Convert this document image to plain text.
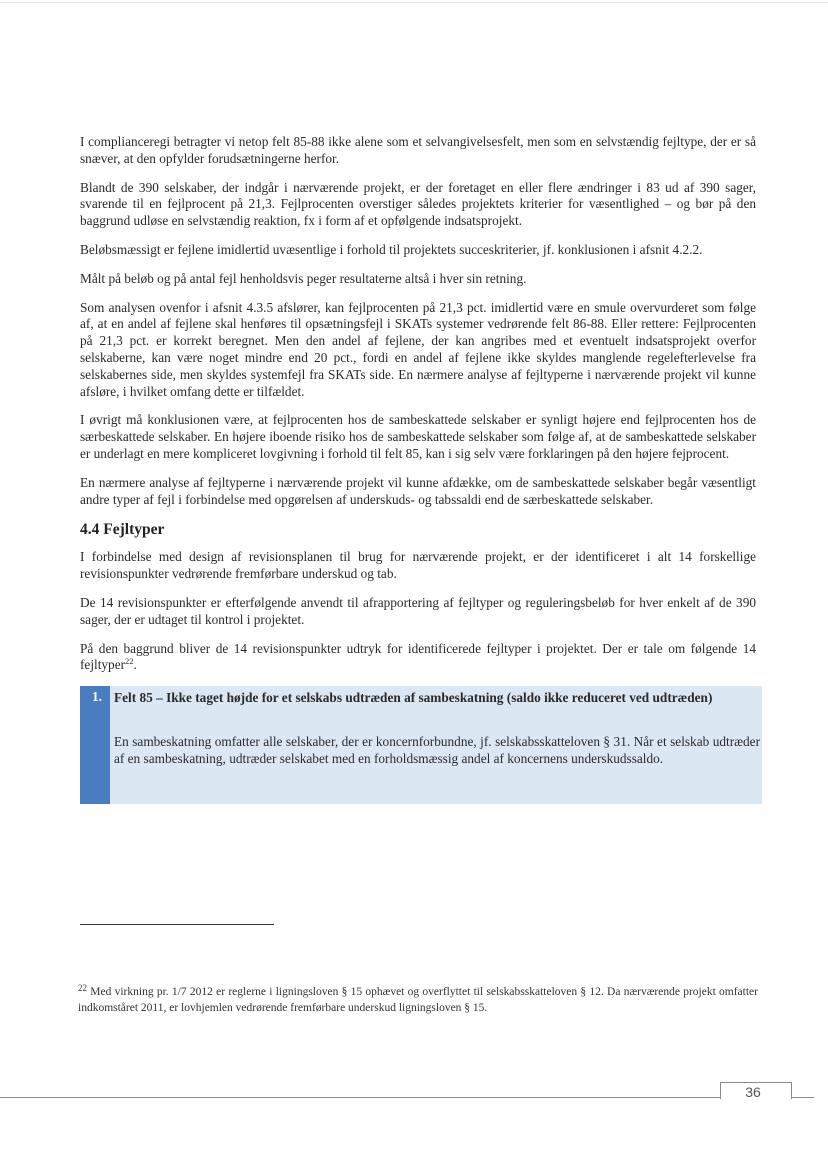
I complianceregi betragter vi netop felt 85-88 ikke alene som et selvangivelsesfelt, men som en selvstændig fejltype, der er så snæver, at den opfylder forudsætningerne herfor.

Blandt de 390 selskaber, der indgår i nærværende projekt, er der foretaget en eller flere ændringer i 83 ud af 390 sager, svarende til en fejlprocent på 21,3. Fejlprocenten overstiger således projektets kriterier for væsentlighed – og bør på den baggrund udløse en selvstændig reaktion, fx i form af et opfølgende indsatsprojekt.

Beløbsmæssigt er fejlene imidlertid uvæsentlige i forhold til projektets succeskriterier, jf. konklusionen i afsnit 4.2.2.

Målt på beløb og på antal fejl henholdsvis peger resultaterne altså i hver sin retning.

Som analysen ovenfor i afsnit 4.3.5 afslører, kan fejlprocenten på 21,3 pct. imidlertid være en smule overvurderet som følge af, at en andel af fejlene skal henføres til opsætningsfejl i SKATs systemer vedrørende felt 86-88. Eller rettere: Fejlprocenten på 21,3 pct. er korrekt beregnet. Men den andel af fejlene, der kan angribes med et eventuelt indsatsprojekt overfor selskaberne, kan være noget mindre end 20 pct., fordi en andel af fejlene ikke skyldes manglende regelefterlevelse fra selskabernes side, men skyldes systemfejl fra SKATs side. En nærmere analyse af fejltyperne i nærværende projekt vil kunne afsløre, i hvilket omfang dette er tilfældet.

I øvrigt må konklusionen være, at fejlprocenten hos de sambeskattede selskaber er synligt højere end fejlprocenten hos de særbeskattede selskaber. En højere iboende risiko hos de sambeskattede selskaber som følge af, at de sambeskattede selskaber er underlagt en mere kompliceret lovgivning i forhold til felt 85, kan i sig selv være forklaringen på den højere fejprocent.

En nærmere analyse af fejltyperne i nærværende projekt vil kunne afdække, om de sambeskattede selskaber begår væsentligt andre typer af fejl i forbindelse med opgørelsen af underskuds- og tabssaldi end de særbeskattede selskaber.

4.4 Fejltyper

I forbindelse med design af revisionsplanen til brug for nærværende projekt, er der identificeret i alt 14 forskellige revisionspunkter vedrørende fremførbare underskud og tab.

De 14 revisionspunkter er efterfølgende anvendt til afrapportering af fejltyper og reguleringsbeløb for hver enkelt af de 390 sager, der er udtaget til kontrol i projektet.

På den baggrund bliver de 14 revisionspunkter udtryk for identificerede fejltyper i projektet. Der er tale om følgende 14 fejltyper$^{22}$.

1. Felt 85 – Ikke taget højde for et selskabs udtræden af sambeskatning (saldo ikke reduceret ved udtræden)
En sambeskatning omfatter alle selskaber, der er koncernforbundne, jf. selskabsskatteloven § 31. Når et selskab udtræder af en sambeskatning, udtræder selskabet med en forholdsmæssig andel af koncernens underskudssaldo.
$^{22}$ Med virkning pr. 1/7 2012 er reglerne i ligningsloven § 15 ophævet og overflyttet til selskabsskatteloven § 12. Da nærværende projekt omfatter indkomståret 2011, er lovhjemlen vedrørende fremførbare underskud ligningsloven § 15.
36
